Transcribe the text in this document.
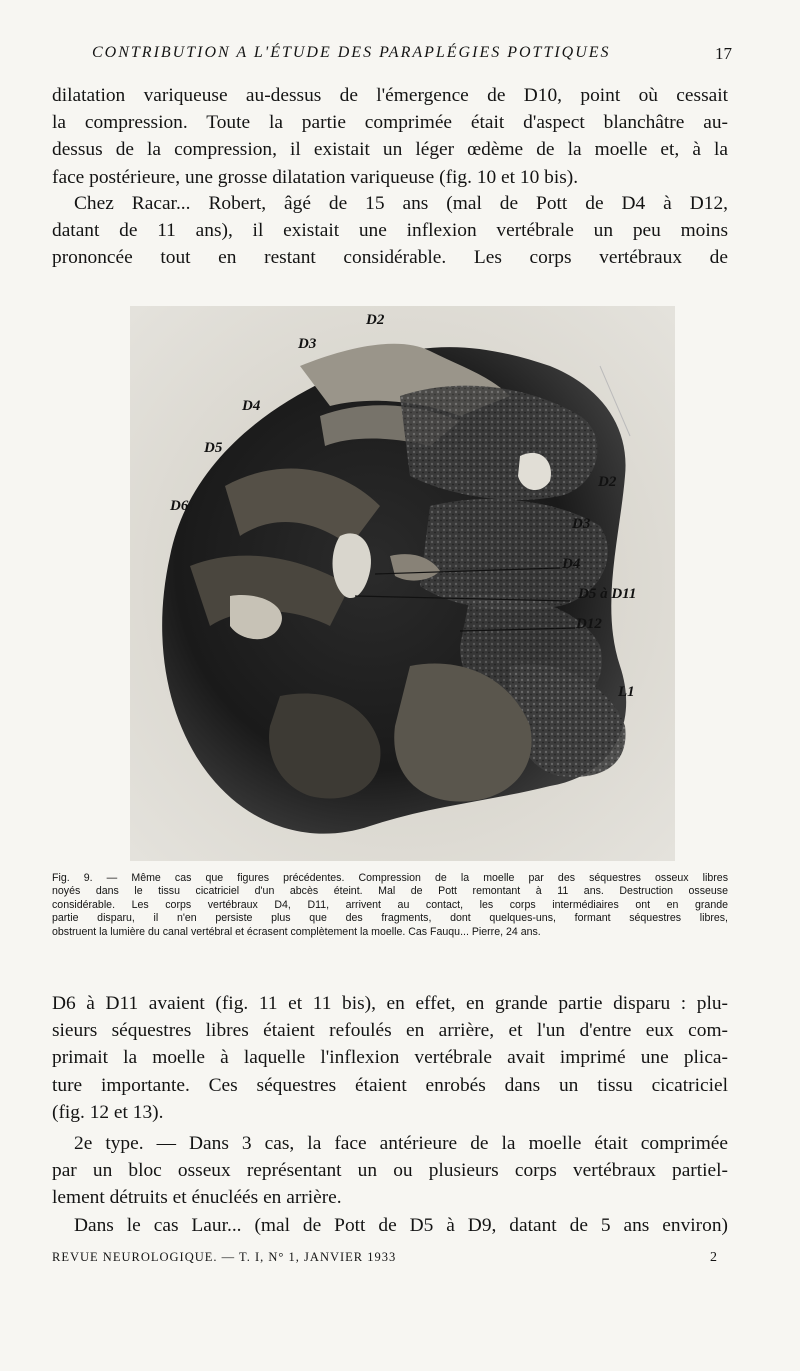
CONTRIBUTION A L'ÉTUDE DES PARAPLÉGIES POTTIQUES	17

dilatation variqueuse au-dessus de l'émergence de D10, point où cessait
la compression. Toute la partie comprimée était d'aspect blanchâtre au-
dessus de la compression, il existait un léger œdème de la moelle et, à la
face postérieure, une grosse dilatation variqueuse (fig. 10 et 10 bis).

Chez Racar... Robert, âgé de 15 ans (mal de Pott de D4 à D12,
datant de 11 ans), il existait une inflexion vertébrale un peu moins
prononcée tout en restant considérable. Les corps vertébraux de

D2
D3
D4
D5
D6
D2
D3
D4
D5 à D11
D12
L1
Fig. 9. — Même cas que figures précédentes. Compression de la moelle par des séquestres osseux libres
noyés dans le tissu cicatriciel d'un abcès éteint. Mal de Pott remontant à 11 ans. Destruction osseuse
considérable. Les corps vertébraux D4, D11, arrivent au contact, les corps intermédiaires ont en grande
partie disparu, il n'en persiste plus que des fragments, dont quelques-uns, formant séquestres libres,
obstruent la lumière du canal vertébral et écrasent complètement la moelle. Cas Fauqu... Pierre, 24 ans.

D6 à D11 avaient (fig. 11 et 11 bis), en effet, en grande partie disparu : plu-
sieurs séquestres libres étaient refoulés en arrière, et l'un d'entre eux com-
primait la moelle à laquelle l'inflexion vertébrale avait imprimé une plica-
ture importante. Ces séquestres étaient enrobés dans un tissu cicatriciel
(fig. 12 et 13).

2e type. — Dans 3 cas, la face antérieure de la moelle était comprimée
par un bloc osseux représentant un ou plusieurs corps vertébraux partiel-
lement détruits et énucléés en arrière.
Dans le cas Laur... (mal de Pott de D5 à D9, datant de 5 ans environ)

REVUE NEUROLOGIQUE. — T. I, N° 1, JANVIER 1933	2
